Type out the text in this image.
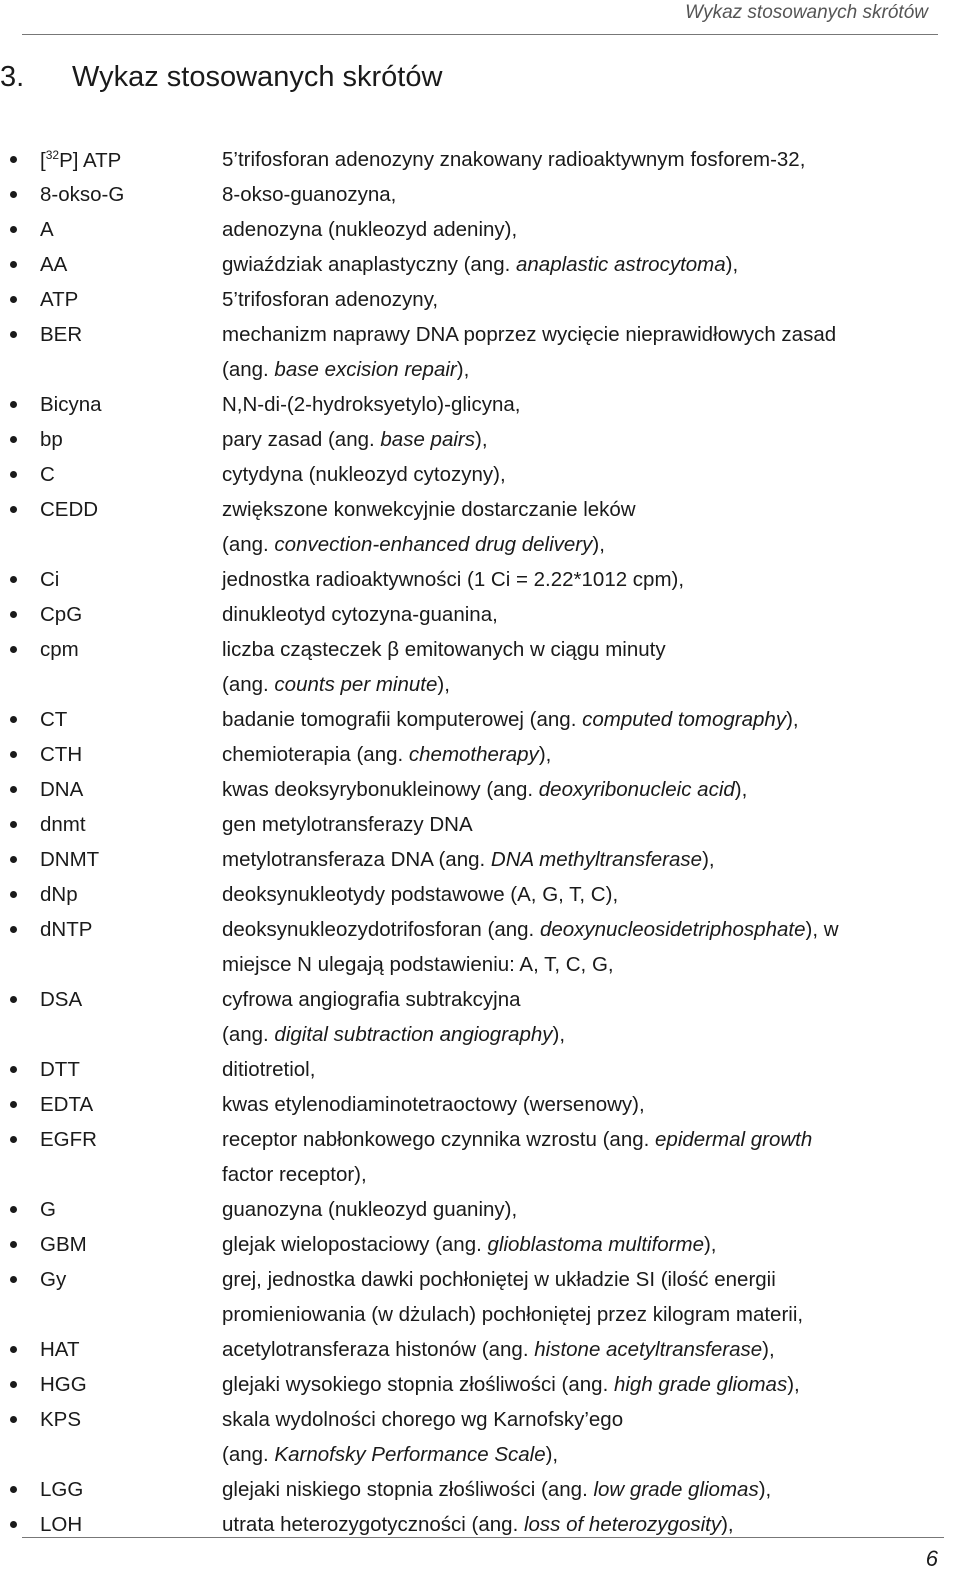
Wykaz stosowanych skrótów
3. Wykaz stosowanych skrótów
[$^{32}$P] ATP	5’trifosforan adenozyny znakowany radioaktywnym fosforem-32,
8-okso-G	8-okso-guanozyna,
A	adenozyna (nukleozyd adeniny),
AA	gwiaździak anaplastyczny (ang. anaplastic astrocytoma),
ATP	5’trifosforan adenozyny,
BER	mechanizm naprawy DNA poprzez wycięcie nieprawidłowych zasad
(ang. base excision repair),
Bicyna	N,N-di-(2-hydroksyetylo)-glicyna,
bp	pary zasad (ang. base pairs),
C	cytydyna (nukleozyd cytozyny),
CEDD	zwiększone konwekcyjnie dostarczanie leków
(ang. convection-enhanced drug delivery),
Ci	jednostka radioaktywności (1 Ci = 2.22*1012 cpm),
CpG	dinukleotyd cytozyna-guanina,
cpm	liczba cząsteczek β emitowanych w ciągu minuty
(ang. counts per minute),
CT	badanie tomografii komputerowej (ang. computed tomography),
CTH	chemioterapia (ang. chemotherapy),
DNA	kwas deoksyrybonukleinowy (ang. deoxyribonucleic acid),
dnmt	gen metylotransferazy DNA
DNMT	metylotransferaza DNA (ang. DNA methyltransferase),
dNp	deoksynukleotydy podstawowe (A, G, T, C),
dNTP	deoksynukleozydotrifosforan (ang. deoxynucleosidetriphosphate), w
miejsce N ulegają podstawieniu: A, T, C, G,
DSA	cyfrowa angiografia subtrakcyjna
(ang. digital subtraction angiography),
DTT	ditiotretiol,
EDTA	kwas etylenodiaminotetraoctowy (wersenowy),
EGFR	receptor nabłonkowego czynnika wzrostu (ang. epidermal growth
factor receptor),
G	guanozyna (nukleozyd guaniny),
GBM	glejak wielopostaciowy (ang. glioblastoma multiforme),
Gy	grej, jednostka dawki pochłoniętej w układzie SI (ilość energii
promieniowania (w dżulach) pochłoniętej przez kilogram materii,
HAT	acetylotransferaza histonów (ang. histone acetyltransferase),
HGG	glejaki wysokiego stopnia złośliwości (ang. high grade gliomas),
KPS	skala wydolności chorego wg Karnofsky’ego
(ang. Karnofsky Performance Scale),
LGG	glejaki niskiego stopnia złośliwości (ang. low grade gliomas),
LOH	utrata heterozygotyczności (ang. loss of heterozygosity),
6
